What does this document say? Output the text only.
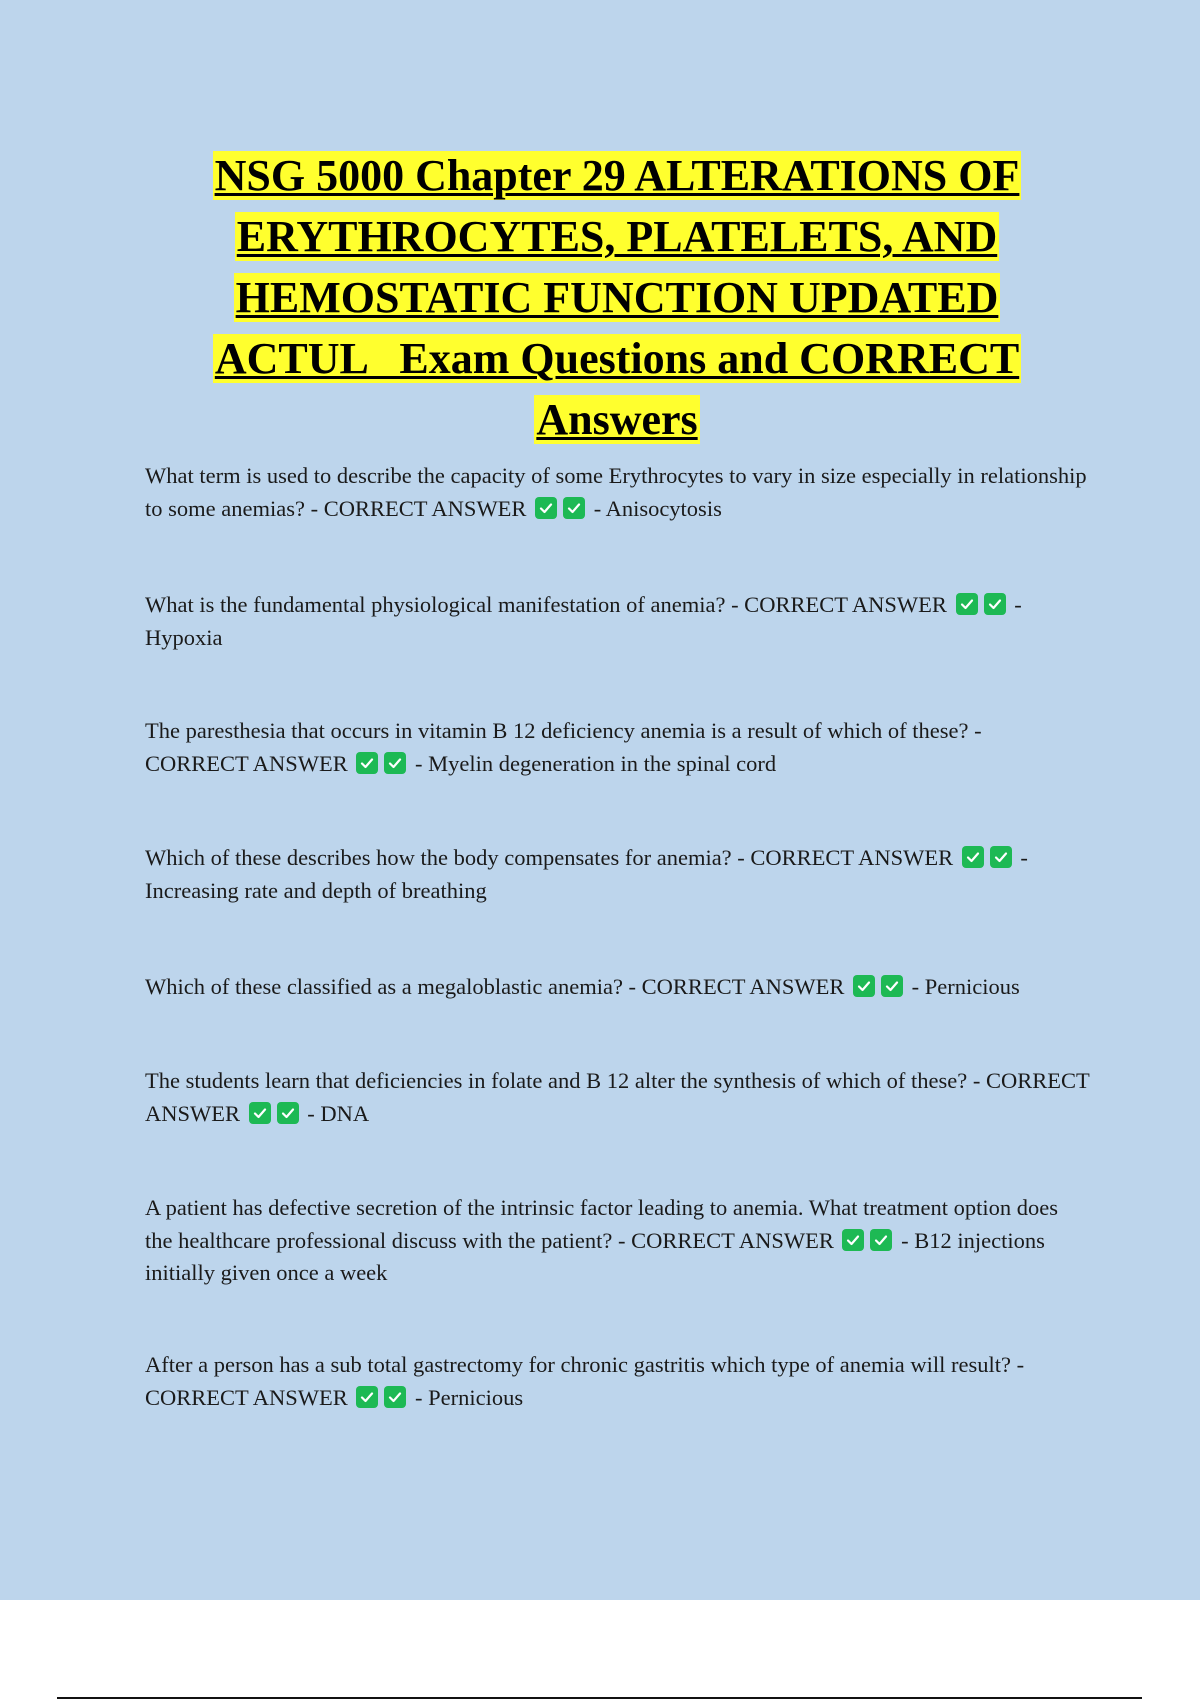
NSG 5000 Chapter 29 ALTERATIONS OF
ERYTHROCYTES, PLATELETS, AND
HEMOSTATIC FUNCTION UPDATED
ACTUL   Exam Questions and CORRECT
Answers
What term is used to describe the capacity of some Erythrocytes to vary in size especially in relationship to some anemias? - CORRECT ANSWER	- Anisocytosis
What is the fundamental physiological manifestation of anemia? - CORRECT ANSWER	- Hypoxia
The paresthesia that occurs in vitamin B 12 deficiency anemia is a result of which of these? - CORRECT ANSWER	- Myelin degeneration in the spinal cord
Which of these describes how the body compensates for anemia? - CORRECT ANSWER	- Increasing rate and depth of breathing
Which of these classified as a megaloblastic anemia? - CORRECT ANSWER	- Pernicious
The students learn that deficiencies in folate and B 12 alter the synthesis of which of these? - CORRECT ANSWER	- DNA
A patient has defective secretion of the intrinsic factor leading to anemia. What treatment option does the healthcare professional discuss with the patient? - CORRECT ANSWER	- B12 injections initially given once a week
After a person has a sub total gastrectomy for chronic gastritis which type of anemia will result? - CORRECT ANSWER	- Pernicious
